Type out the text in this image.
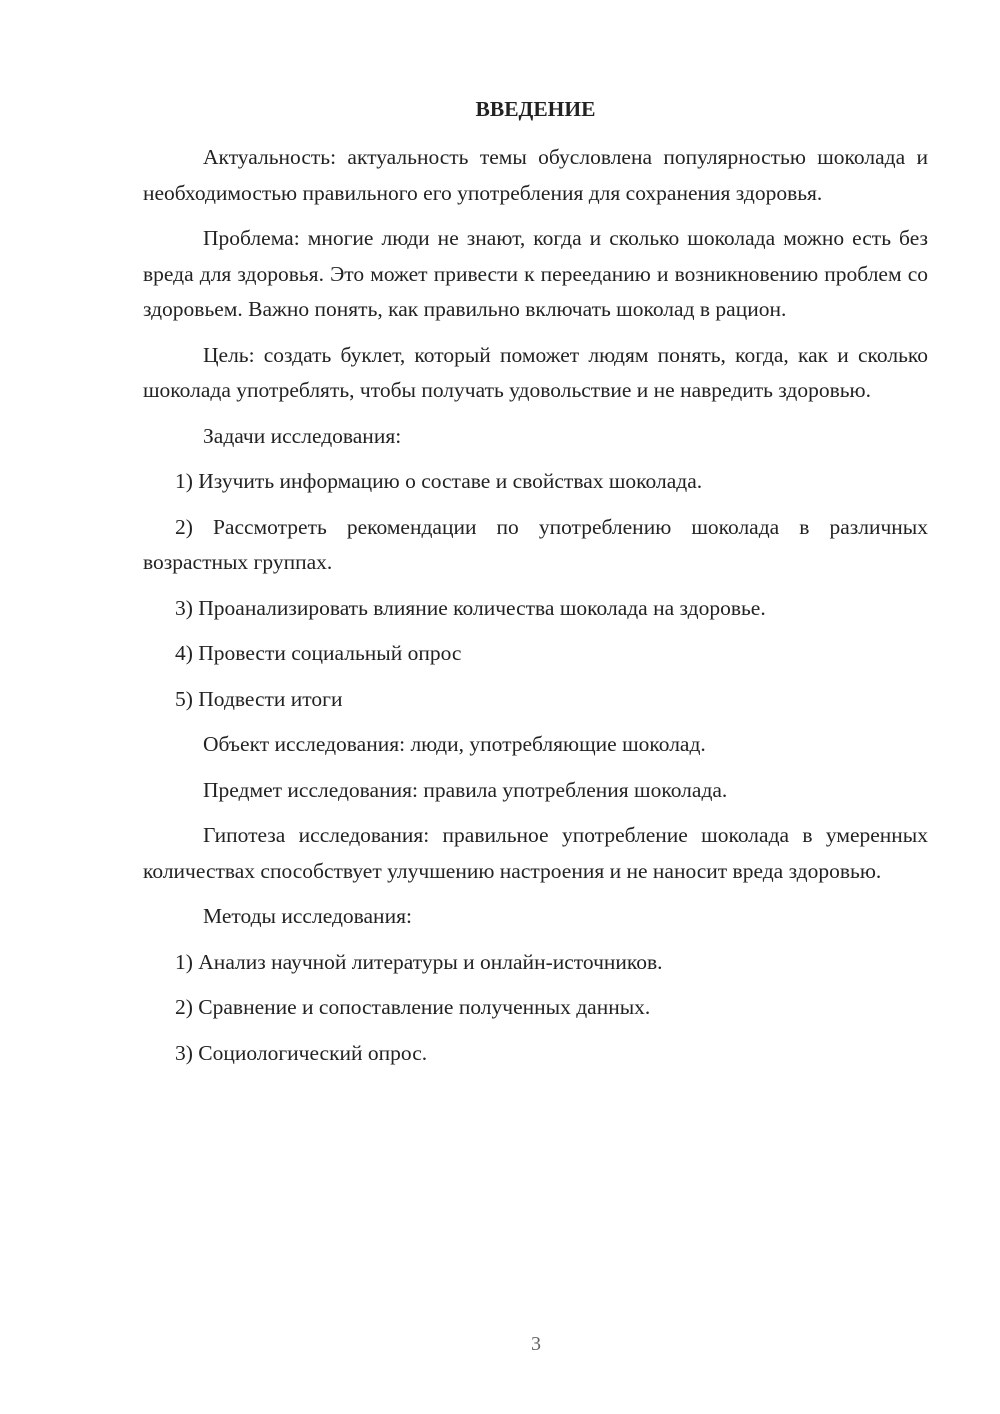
ВВЕДЕНИЕ

Актуальность: актуальность темы обусловлена популярностью шоколада и необходимостью правильного его употребления для сохранения здоровья.

Проблема: многие люди не знают, когда и сколько шоколада можно есть без вреда для здоровья. Это может привести к перееданию и возникновению проблем со здоровьем. Важно понять, как правильно включать шоколад в рацион.

Цель: создать буклет, который поможет людям понять, когда, как и сколько шоколада употреблять, чтобы получать удовольствие и не навредить здоровью.

Задачи исследования:

1) Изучить информацию о составе и свойствах шоколада.

2) Рассмотреть рекомендации по употреблению шоколада в различных возрастных группах.

3) Проанализировать влияние количества шоколада на здоровье.

4) Провести социальный опрос

5) Подвести итоги

Объект исследования: люди, употребляющие шоколад.

Предмет исследования: правила употребления шоколада.

Гипотеза исследования: правильное употребление шоколада в умеренных количествах способствует улучшению настроения и не наносит вреда здоровью.

Методы исследования:

1) Анализ научной литературы и онлайн-источников.

2) Сравнение и сопоставление полученных данных.

3) Социологический опрос.

3
